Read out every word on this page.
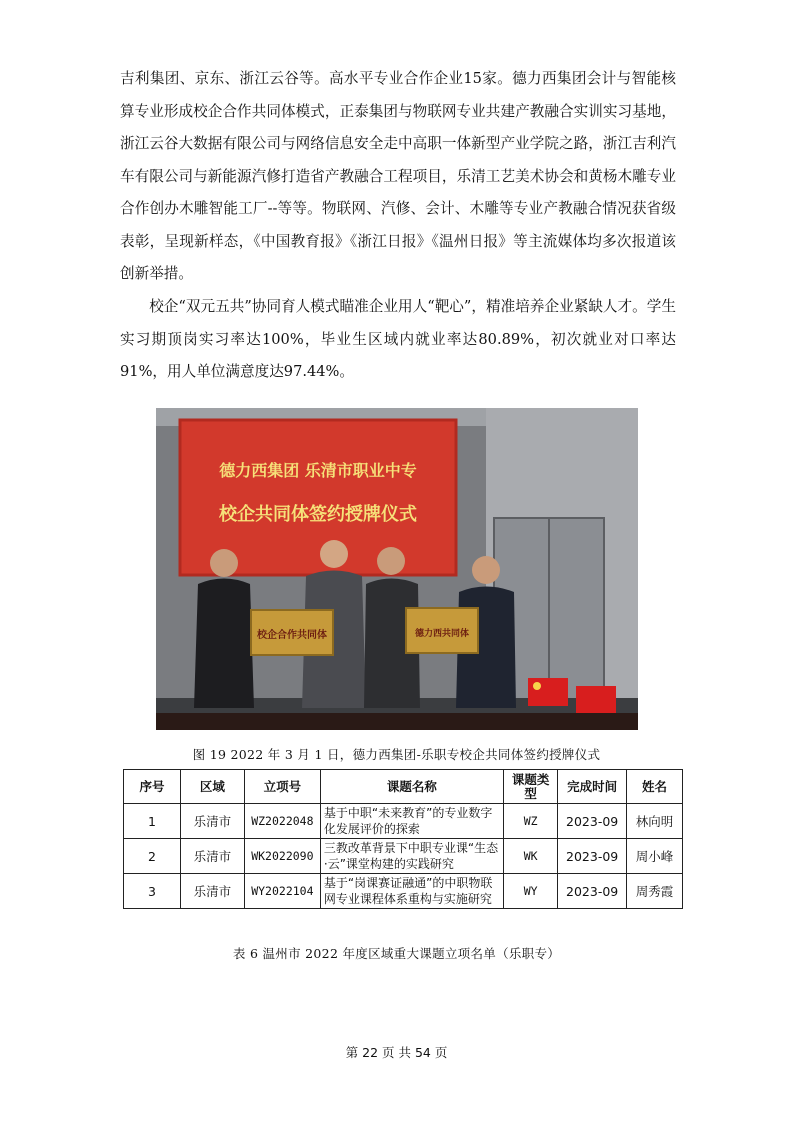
吉利集团、京东、浙江云谷等。高水平专业合作企业15家。德力西集团会计与智能核算专业形成校企合作共同体模式，正泰集团与物联网专业共建产教融合实训实习基地，浙江云谷大数据有限公司与网络信息安全走中高职一体新型产业学院之路，浙江吉利汽车有限公司与新能源汽修打造省产教融合工程项目，乐清工艺美术协会和黄杨木雕专业合作创办木雕智能工厂--等等。物联网、汽修、会计、木雕等专业产教融合情况获省级表彰，呈现新样态，《中国教育报》《浙江日报》《温州日报》等主流媒体均多次报道该创新举措。

校企“双元五共”协同育人模式瞄准企业用人“靶心”，精准培养企业紧缺人才。学生实习期顶岗实习率达100%，毕业生区域内就业率达80.89%，初次就业对口率达91%，用人单位满意度达97.44%。

德力西集团 乐清市职业中专
校企共同体签约授牌仪式
校企合作共同体	德力西共同体
图 19 2022 年 3 月 1 日，德力西集团-乐职专校企共同体签约授牌仪式
序号	区域	立项号	课题名称	课题类型	完成时间	姓名
1	乐清市	WZ2022048	基于中职“未来教育”的专业数字化发展评价的探索	WZ	2023-09	林向明
2	乐清市	WK2022090	三教改革背景下中职专业课“生态·云”课堂构建的实践研究	WK	2023-09	周小峰
3	乐清市	WY2022104	基于“岗课赛证融通”的中职物联网专业课程体系重构与实施研究	WY	2023-09	周秀霞
表 6 温州市 2022 年度区域重大课题立项名单（乐职专）
第 22 页 共 54 页
